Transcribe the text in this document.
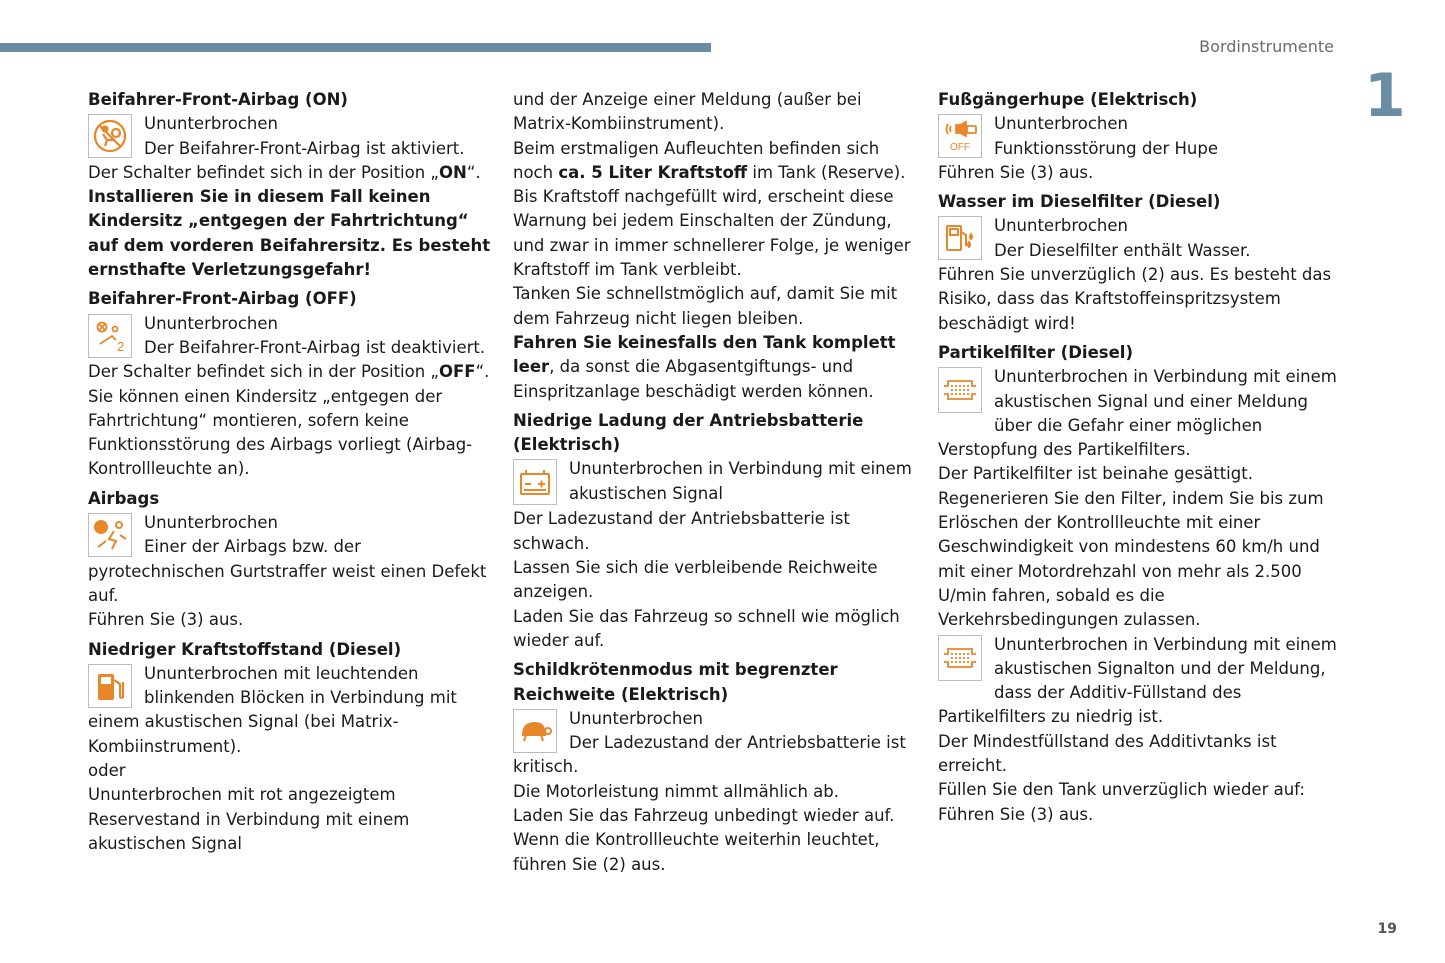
Bordinstrumente
1
19
Beifahrer-Front-Airbag (ON)

Ununterbrochen

Der Beifahrer-Front-Airbag ist aktiviert.

Der Schalter befindet sich in der Position „ON“.

Installieren Sie in diesem Fall keinen Kindersitz „entgegen der Fahrtrichtung“ auf dem vorderen Beifahrersitz. Es besteht ernsthafte Verletzungsgefahr!

Beifahrer-Front-Airbag (OFF)
2

Ununterbrochen

Der Beifahrer-Front-Airbag ist deaktiviert.

Der Schalter befindet sich in der Position „OFF“.

Sie können einen Kindersitz „entgegen der Fahrtrichtung“ montieren, sofern keine Funktionsstörung des Airbags vorliegt (Airbag-Kontrollleuchte an).

Airbags

Ununterbrochen

Einer der Airbags bzw. der pyrotechnischen Gurtstraffer weist einen Defekt auf.

Führen Sie (3) aus.

Niedriger Kraftstoffstand (Diesel)

Ununterbrochen mit leuchtenden blinkenden Blöcken in Verbindung mit einem akustischen Signal (bei Matrix-Kombiinstrument).

oder

Ununterbrochen mit rot angezeigtem Reservestand in Verbindung mit einem akustischen Signal

und der Anzeige einer Meldung (außer bei Matrix-Kombiinstrument).

Beim erstmaligen Aufleuchten befinden sich noch ca. 5 Liter Kraftstoff im Tank (Reserve).

Bis Kraftstoff nachgefüllt wird, erscheint diese Warnung bei jedem Einschalten der Zündung, und zwar in immer schnellerer Folge, je weniger Kraftstoff im Tank verbleibt.

Tanken Sie schnellstmöglich auf, damit Sie mit dem Fahrzeug nicht liegen bleiben.

Fahren Sie keinesfalls den Tank komplett leer, da sonst die Abgasentgiftungs- und Einspritzanlage beschädigt werden können.

Niedrige Ladung der Antriebsbatterie (Elektrisch)

Ununterbrochen in Verbindung mit einem akustischen Signal

Der Ladezustand der Antriebsbatterie ist schwach.

Lassen Sie sich die verbleibende Reichweite anzeigen.

Laden Sie das Fahrzeug so schnell wie möglich wieder auf.

Schildkrötenmodus mit begrenzter Reichweite (Elektrisch)

Ununterbrochen

Der Ladezustand der Antriebsbatterie ist kritisch.

Die Motorleistung nimmt allmählich ab.

Laden Sie das Fahrzeug unbedingt wieder auf.

Wenn die Kontrollleuchte weiterhin leuchtet, führen Sie (2) aus.

Fußgängerhupe (Elektrisch)
OFF

Ununterbrochen

Funktionsstörung der Hupe

Führen Sie (3) aus.

Wasser im Dieselfilter (Diesel)

Ununterbrochen

Der Dieselfilter enthält Wasser.

Führen Sie unverzüglich (2) aus. Es besteht das Risiko, dass das Kraftstoffeinspritzsystem beschädigt wird!

Partikelfilter (Diesel)

Ununterbrochen in Verbindung mit einem akustischen Signal und einer Meldung über die Gefahr einer möglichen Verstopfung des Partikelfilters.

Der Partikelfilter ist beinahe gesättigt.

Regenerieren Sie den Filter, indem Sie bis zum Erlöschen der Kontrollleuchte mit einer Geschwindigkeit von mindestens 60 km/h und mit einer Motordrehzahl von mehr als 2.500 U/min fahren, sobald es die Verkehrsbedingungen zulassen.

Ununterbrochen in Verbindung mit einem akustischen Signalton und der Meldung, dass der Additiv-Füllstand des Partikelfilters zu niedrig ist.

Der Mindestfüllstand des Additivtanks ist erreicht.

Füllen Sie den Tank unverzüglich wieder auf: Führen Sie (3) aus.
